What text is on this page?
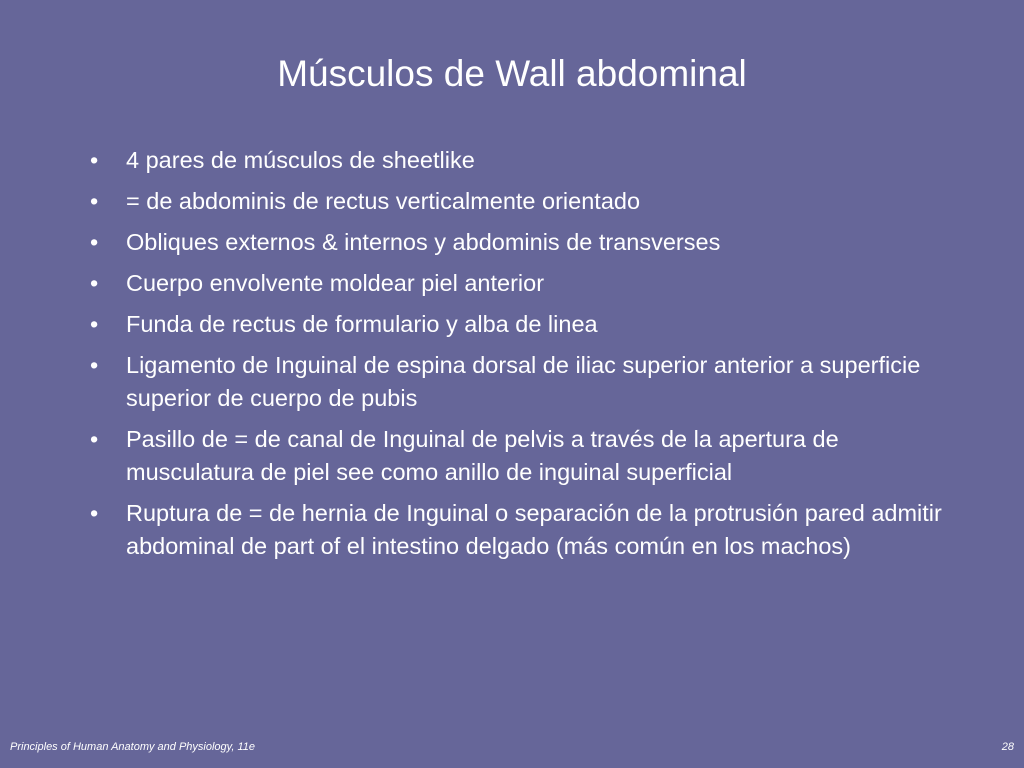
Músculos de Wall abdominal
• 4 pares de músculos de sheetlike
• = de abdominis de rectus verticalmente orientado
• Obliques externos & internos y abdominis de transverses
• Cuerpo envolvente moldear piel anterior
• Funda de rectus de formulario y alba de linea
• Ligamento de Inguinal de espina dorsal de iliac superior anterior a superficie superior de cuerpo de pubis
• Pasillo de = de canal de Inguinal de pelvis a través de la apertura de musculatura de piel see como anillo de inguinal superficial
• Ruptura de = de hernia de Inguinal o separación de la protrusión pared admitir abdominal de part of el intestino delgado (más común en los machos)
Principles of Human Anatomy and Physiology, 11e	28
